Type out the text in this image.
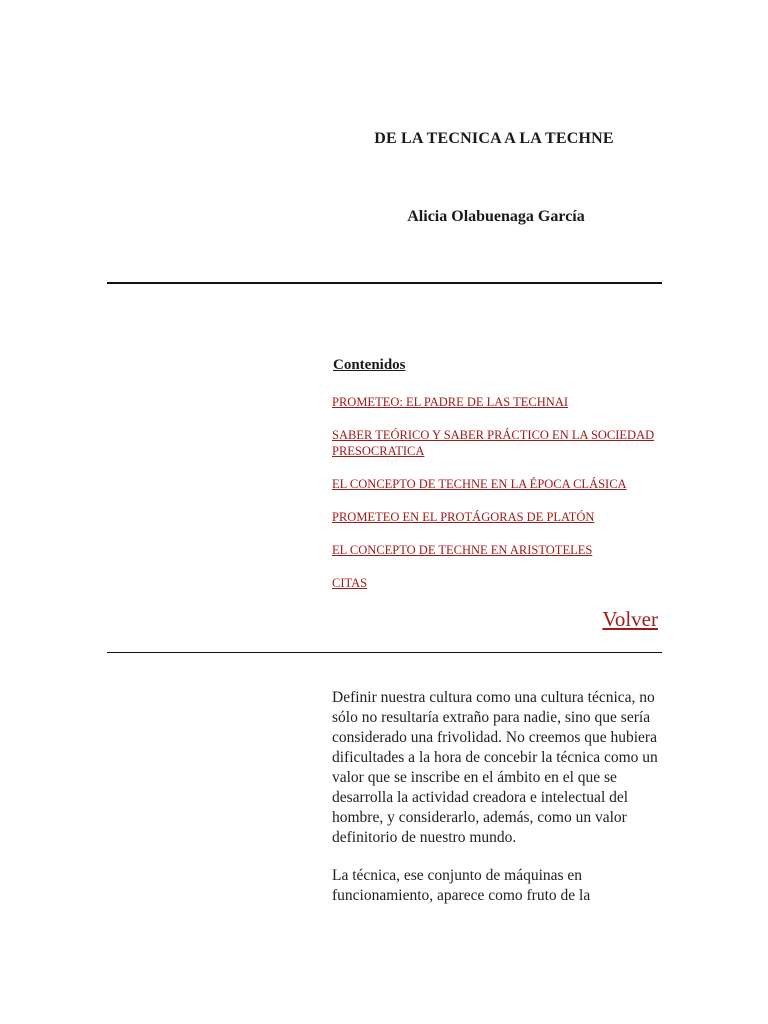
DE LA TECNICA A LA TECHNE
Alicia Olabuenaga García
Contenidos
PROMETEO: EL PADRE DE LAS TECHNAI
SABER TEÓRICO Y SABER PRÁCTICO EN LA SOCIEDAD PRESOCRATICA
EL CONCEPTO DE TECHNE EN LA ÉPOCA CLÁSICA
PROMETEO EN EL PROTÁGORAS DE PLATÓN
EL CONCEPTO DE TECHNE EN ARISTOTELES
CITAS
Volver

Definir nuestra cultura como una cultura técnica, no sólo no resultaría extraño para nadie, sino que sería considerado una frivolidad. No creemos que hubiera dificultades a la hora de concebir la técnica como un valor que se inscribe en el ámbito en el que se desarrolla la actividad creadora e intelectual del hombre, y considerarlo, además, como un valor definitorio de nuestro mundo.

La técnica, ese conjunto de máquinas en funcionamiento, aparece como fruto de la
